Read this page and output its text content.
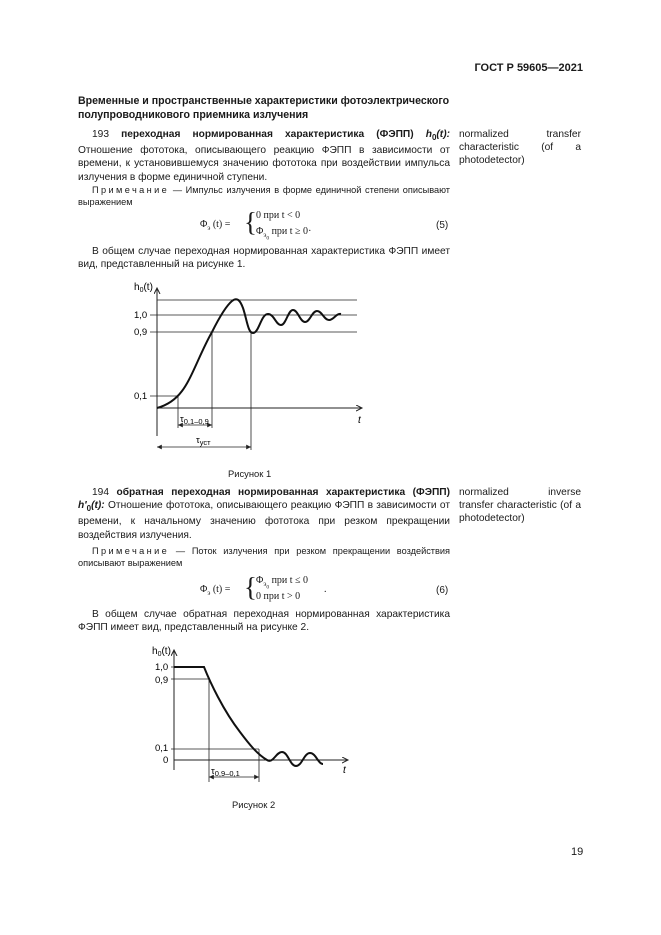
ГОСТ Р 59605—2021
Временные и пространственные характеристики фотоэлектрического полупроводникового приемника излучения
193 переходная нормированная характеристика (ФЭПП) $h_0(t)$: Отношение фототока, описывающего реакцию ФЭПП в зависимости от времени, к установившемуся значению фототока при воздействии импульса излучения в форме единичной ступени.
normalized transfer characteristic (of a photodetector)
Примечание — Импульс излучения в форме единичной степени описывают выражением
$\Phi_э$ (t) = { 0 при t < 0
$\Phi_{э_0}$ при t ≥ 0·
(5)
В общем случае переходная нормированная характеристика ФЭПП имеет вид, представленный на рисунке 1.
$h_0(t)$
t
1,0
0,9
0,1
$\tau_{0,1-0,9}$
$\tau_{уст}$
Рисунок 1
194 обратная переходная нормированная характеристика (ФЭПП) $h'_0(t)$: Отношение фототока, описывающего реакцию ФЭПП в зависимости от времени, к начальному значению фототока при резком прекращении воздействия излучения.
normalized inverse transfer characteristic (of a photodetector)
Примечание — Поток излучения при резком прекращении воздействия описывают выражением
$\Phi_э$ (t) = { $\Phi_{э_0}$ при t ≤ 0
0 при t > 0
.	(6)
В общем случае обратная переходная нормированная характеристика ФЭПП имеет вид, представленный на рисунке 2.
$h_0(t)$
t
1,0
0,9
0,1
0
$\tau_{0,9-0,1}$
Рисунок 2
19
